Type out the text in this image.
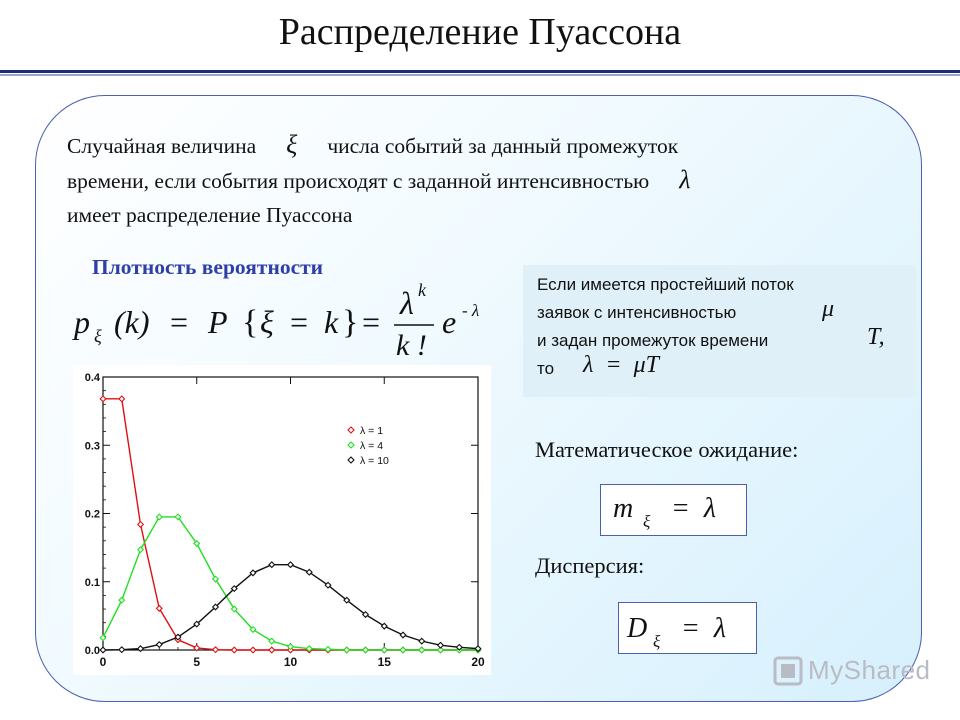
Распределение Пуассона
Случайная величина ξ числа событий за данный промежуток
времени, если события происходят с заданной интенсивностью λ
имеет распределение Пуассона
Плотность вероятности
p ξ (k) = P { ξ = k } =
λ k
k !
e - λ
0	5	10	15	20
0.0
0.1
0.2
0.3
0.4
λ = 1
λ = 4
λ = 10
Если имеется простейший поток
заявок с интенсивностью	μ
и задан промежуток времени	T,
то λ  =  μT
Математическое ожидание:
m ξ =  λ
Дисперсия:
D ξ =  λ
MyShared
